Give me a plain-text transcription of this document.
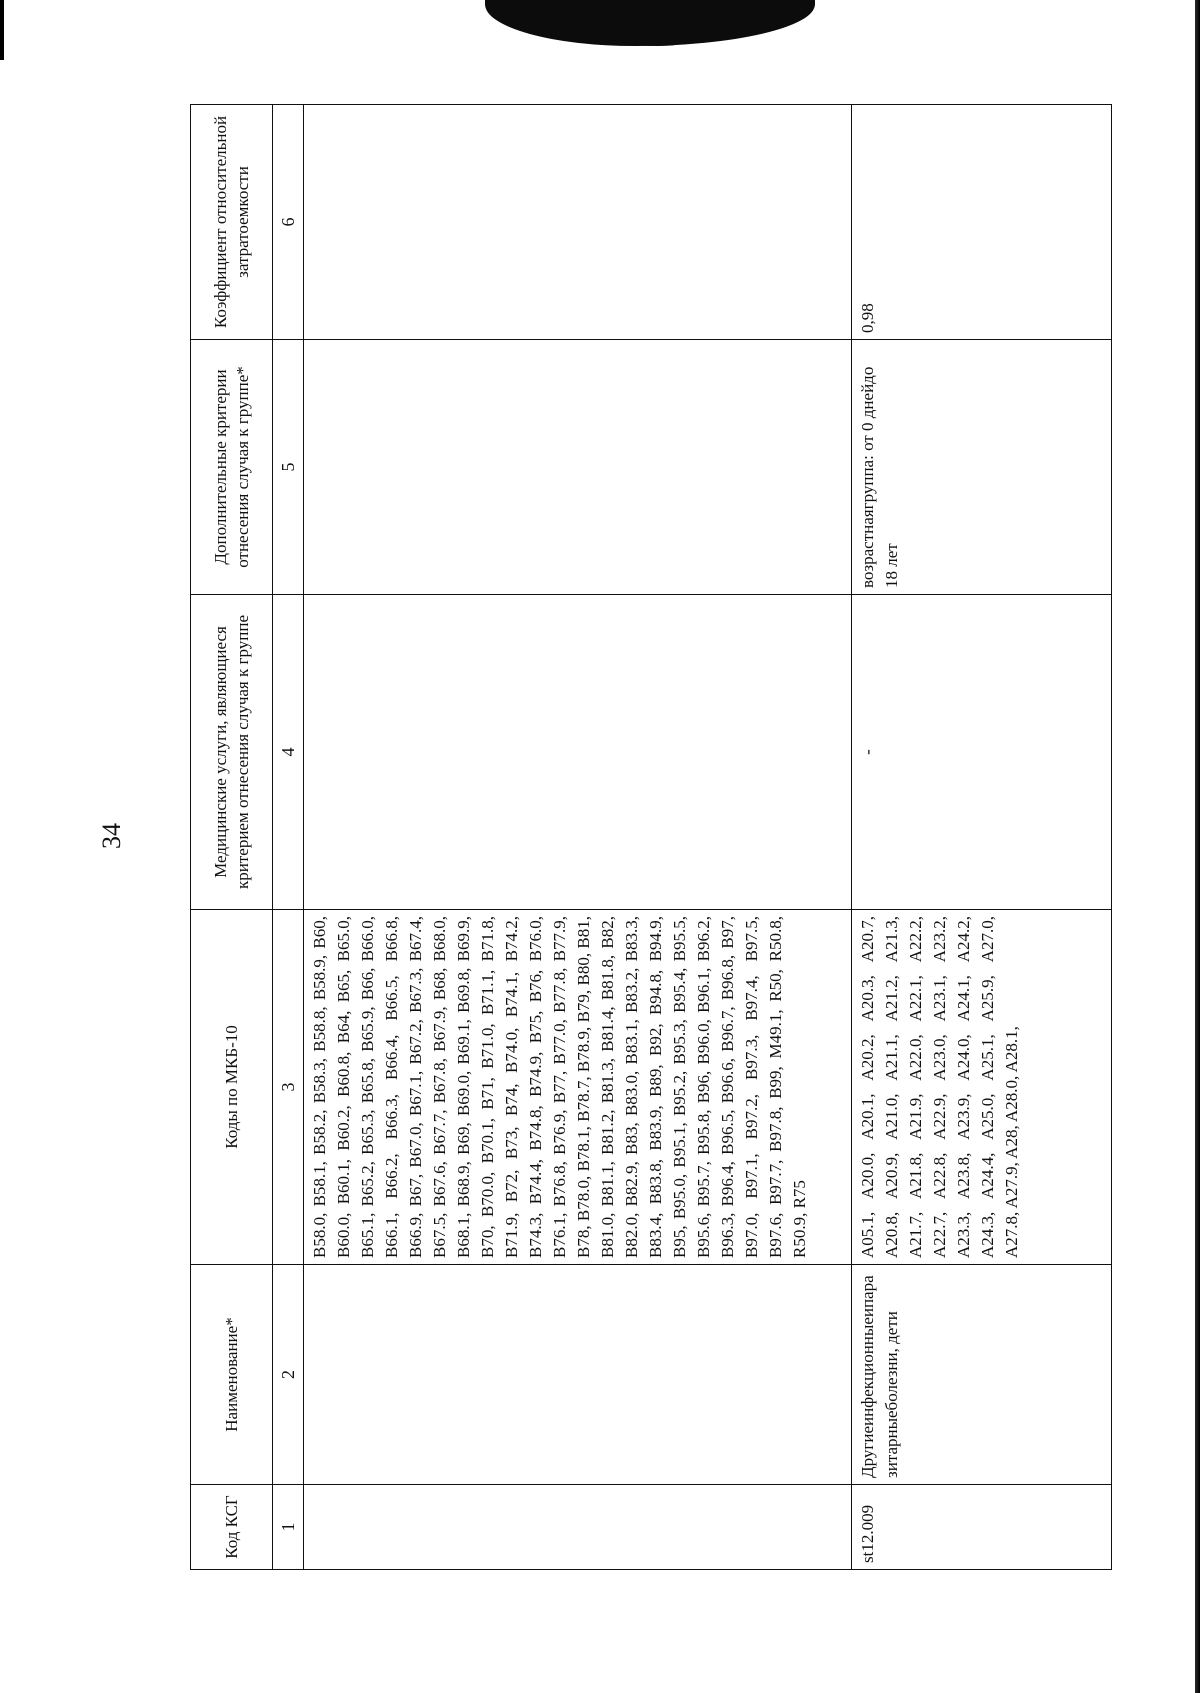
34
Код КСГ	Наименование*	Коды по МКБ-10	Медицинские услуги, являющиеся критерием отнесения случая к группе	Дополнительные критерии отнесения случая к группе*	Коэффициент относительной затратоемкости
1	2	3	4	5	6
		B58.0, B58.1, B58.2, B58.3, B58.8, B58.9, B60, B60.0, B60.1, B60.2, B60.8, B64, B65, B65.0, B65.1, B65.2, B65.3, B65.8, B65.9, B66, B66.0, B66.1, B66.2, B66.3, B66.4, B66.5, B66.8, B66.9, B67, B67.0, B67.1, B67.2, B67.3, B67.4, B67.5, B67.6, B67.7, B67.8, B67.9, B68, B68.0, B68.1, B68.9, B69, B69.0, B69.1, B69.8, B69.9, B70, B70.0, B70.1, B71, B71.0, B71.1, B71.8, B71.9, B72, B73, B74, B74.0, B74.1, B74.2, B74.3, B74.4, B74.8, B74.9, B75, B76, B76.0, B76.1, B76.8, B76.9, B77, B77.0, B77.8, B77.9, B78, B78.0, B78.1, B78.7, B78.9, B79, B80, B81, B81.0, B81.1, B81.2, B81.3, B81.4, B81.8, B82, B82.0, B82.9, B83, B83.0, B83.1, B83.2, B83.3, B83.4, B83.8, B83.9, B89, B92, B94.8, B94.9, B95, B95.0, B95.1, B95.2, B95.3, B95.4, B95.5, B95.6, B95.7, B95.8, B96, B96.0, B96.1, B96.2, B96.3, B96.4, B96.5, B96.6, B96.7, B96.8, B97, B97.0, B97.1, B97.2, B97.3, B97.4, B97.5, B97.6, B97.7, B97.8, B99, M49.1, R50, R50.8, R50.9, R75			
st12.009	Другиеинфекционныеипаразитарныеболезни, дети	A05.1, A20.0, A20.1, A20.2, A20.3, A20.7, A20.8, A20.9, A21.0, A21.1, A21.2, A21.3, A21.7, A21.8, A21.9, A22.0, A22.1, A22.2, A22.7, A22.8, A22.9, A23.0, A23.1, A23.2, A23.3, A23.8, A23.9, A24.0, A24.1, A24.2, A24.3, A24.4, A25.0, A25.1, A25.9, A27.0, A27.8, A27.9, A28, A28.0, A28.1,	-	возрастнаягруппа: от 0 днейдо 18 лет	0,98
